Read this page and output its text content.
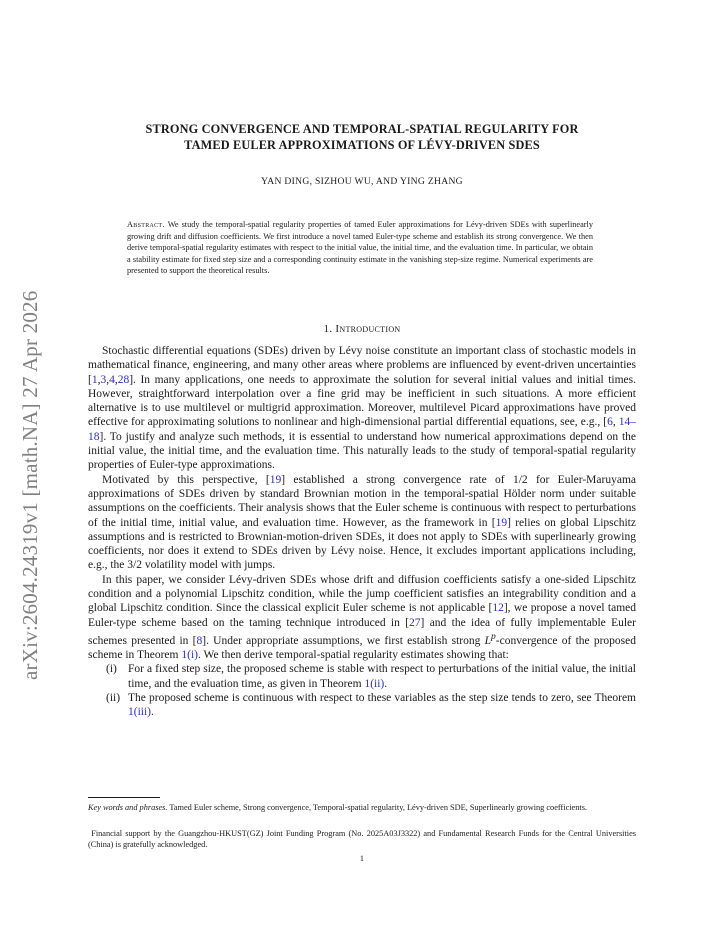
arXiv:2604.24319v1 [math.NA] 27 Apr 2026
STRONG CONVERGENCE AND TEMPORAL-SPATIAL REGULARITY FOR
TAMED EULER APPROXIMATIONS OF LÉVY-DRIVEN SDES
YAN DING, SIZHOU WU, AND YING ZHANG

Abstract. We study the temporal-spatial regularity properties of tamed Euler approximations for Lévy-driven SDEs with superlinearly growing drift and diffusion coefficients. We first introduce a novel tamed Euler-type scheme and establish its strong convergence. We then derive temporal-spatial regularity estimates with respect to the initial value, the initial time, and the evaluation time. In particular, we obtain a stability estimate for fixed step size and a corresponding continuity estimate in the vanishing step-size regime. Numerical experiments are presented to support the theoretical results.

1. Introduction

Stochastic differential equations (SDEs) driven by Lévy noise constitute an important class of stochastic models in mathematical finance, engineering, and many other areas where problems are influenced by event-driven uncertainties [1,3,4,28]. In many applications, one needs to approximate the solution for several initial values and initial times. However, straightforward interpolation over a fine grid may be inefficient in such situations. A more efficient alternative is to use multilevel or multigrid approximation. Moreover, multilevel Picard approximations have proved effective for approximating solutions to nonlinear and high-dimensional partial differential equations, see, e.g., [6, 14–18]. To justify and analyze such methods, it is essential to understand how numerical approximations depend on the initial value, the initial time, and the evaluation time. This naturally leads to the study of temporal-spatial regularity properties of Euler-type approximations.

Motivated by this perspective, [19] established a strong convergence rate of 1/2 for Euler-Maruyama approximations of SDEs driven by standard Brownian motion in the temporal-spatial Hölder norm under suitable assumptions on the coefficients. Their analysis shows that the Euler scheme is continuous with respect to perturbations of the initial time, initial value, and evaluation time. However, as the framework in [19] relies on global Lipschitz assumptions and is restricted to Brownian-motion-driven SDEs, it does not apply to SDEs with superlinearly growing coefficients, nor does it extend to SDEs driven by Lévy noise. Hence, it excludes important applications including, e.g., the 3/2 volatility model with jumps.

In this paper, we consider Lévy-driven SDEs whose drift and diffusion coefficients satisfy a one-sided Lipschitz condition and a polynomial Lipschitz condition, while the jump coefficient satisfies an integrability condition and a global Lipschitz condition. Since the classical explicit Euler scheme is not applicable [12], we propose a novel tamed Euler-type scheme based on the taming technique introduced in [27] and the idea of fully implementable Euler schemes presented in [8]. Under appropriate assumptions, we first establish strong $L^p$-convergence of the proposed scheme in Theorem 1(i). We then derive temporal-spatial regularity estimates showing that:

(i) For a fixed step size, the proposed scheme is stable with respect to perturbations of the initial value, the initial time, and the evaluation time, as given in Theorem 1(ii).
(ii) The proposed scheme is continuous with respect to these variables as the step size tends to zero, see Theorem 1(iii).

Key words and phrases. Tamed Euler scheme, Strong convergence, Temporal-spatial regularity, Lévy-driven SDE, Superlinearly growing coefficients.

Financial support by the Guangzhou-HKUST(GZ) Joint Funding Program (No. 2025A03J3322) and Fundamental Research Funds for the Central Universities (China) is gratefully acknowledged.

1
